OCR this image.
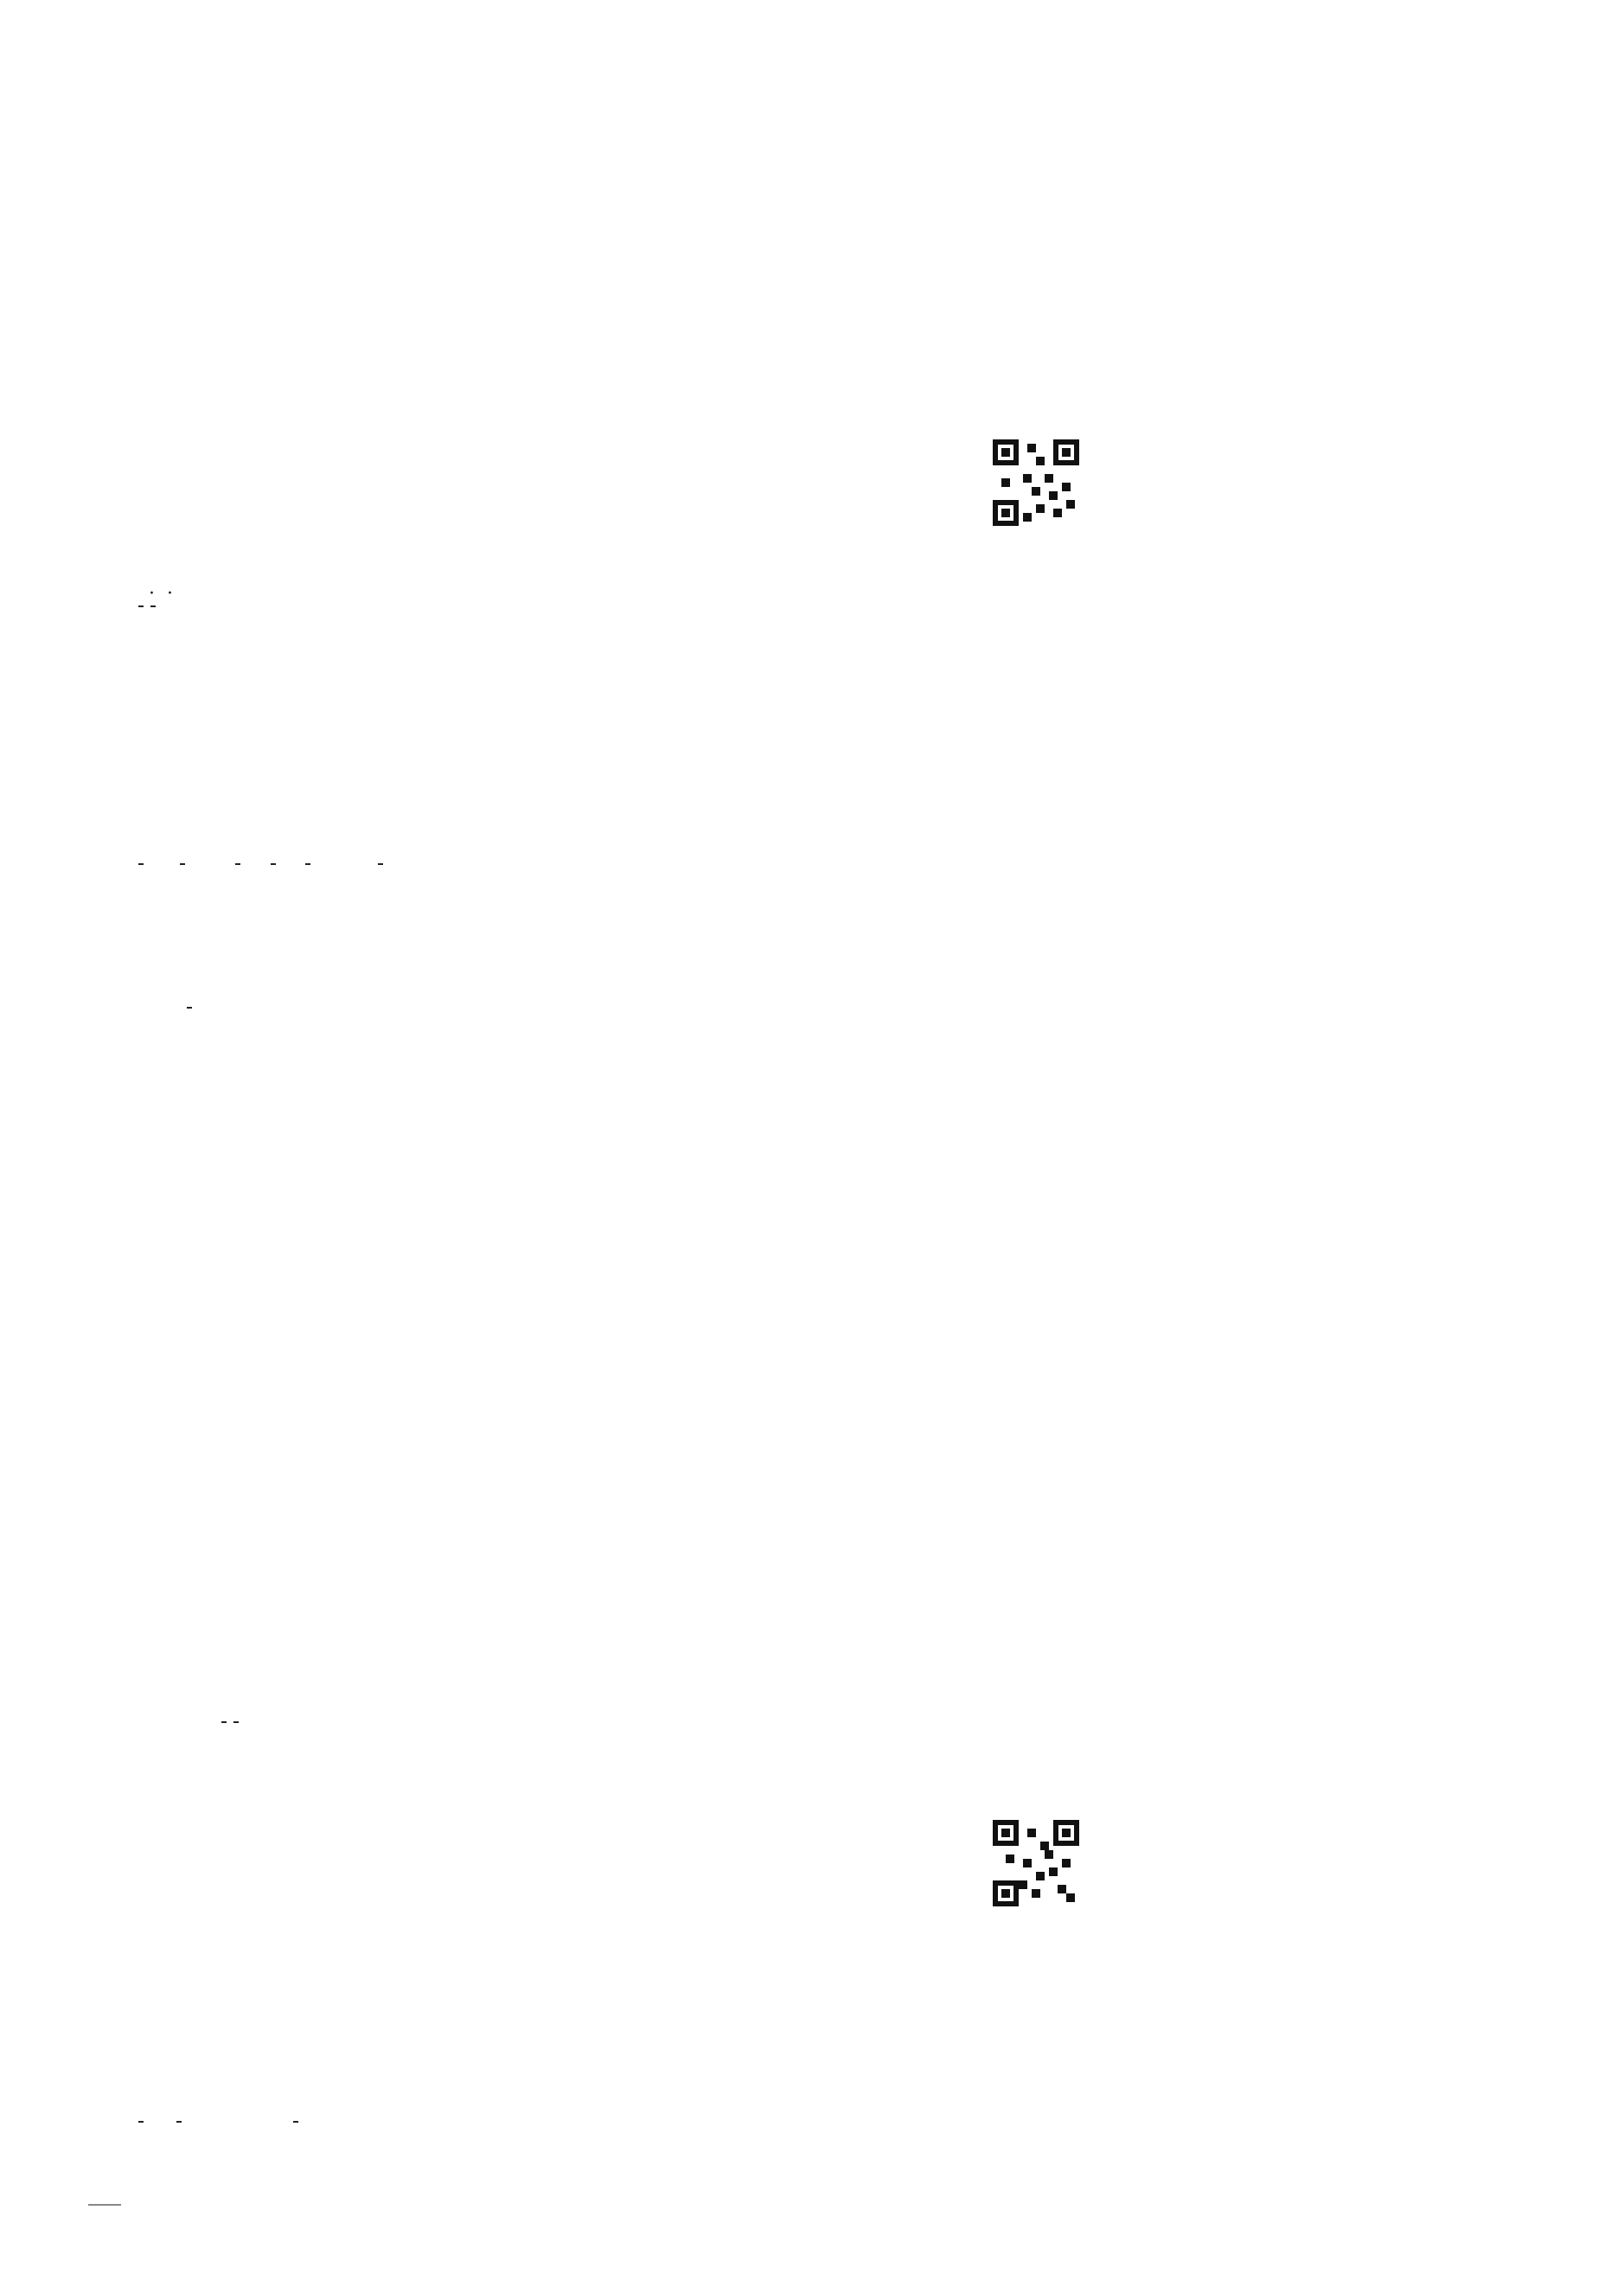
··
